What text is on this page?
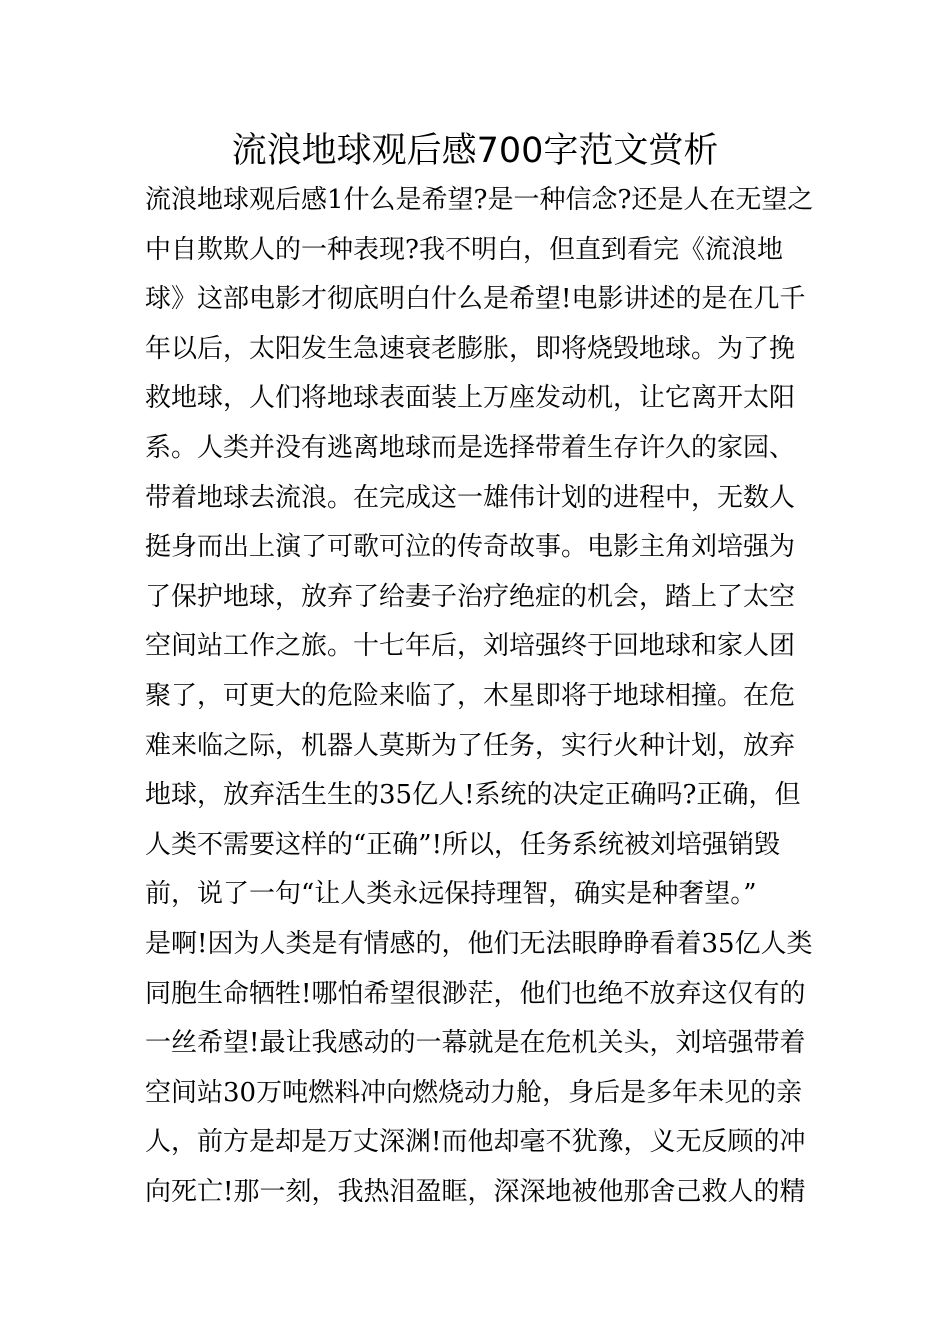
流浪地球观后感700字范文赏析
流浪地球观后感1什么是希望?是一种信念?还是人在无望之
中自欺欺人的一种表现?我不明白，但直到看完《流浪地
球》这部电影才彻底明白什么是希望!电影讲述的是在几千
年以后，太阳发生急速衰老膨胀，即将烧毁地球。为了挽
救地球，人们将地球表面装上万座发动机，让它离开太阳
系。人类并没有逃离地球而是选择带着生存许久的家园、
带着地球去流浪。在完成这一雄伟计划的进程中，无数人
挺身而出上演了可歌可泣的传奇故事。电影主角刘培强为
了保护地球，放弃了给妻子治疗绝症的机会，踏上了太空
空间站工作之旅。十七年后，刘培强终于回地球和家人团
聚了，可更大的危险来临了，木星即将于地球相撞。在危
难来临之际，机器人莫斯为了任务，实行火种计划，放弃
地球，放弃活生生的35亿人!系统的决定正确吗?正确，但
人类不需要这样的“正确”!所以，任务系统被刘培强销毁
前，说了一句“让人类永远保持理智，确实是种奢望。”
是啊!因为人类是有情感的，他们无法眼睁睁看着35亿人类
同胞生命牺牲!哪怕希望很渺茫，他们也绝不放弃这仅有的
一丝希望!最让我感动的一幕就是在危机关头，刘培强带着
空间站30万吨燃料冲向燃烧动力舱，身后是多年未见的亲
人，前方是却是万丈深渊!而他却毫不犹豫，义无反顾的冲
向死亡!那一刻，我热泪盈眶，深深地被他那舍己救人的精
